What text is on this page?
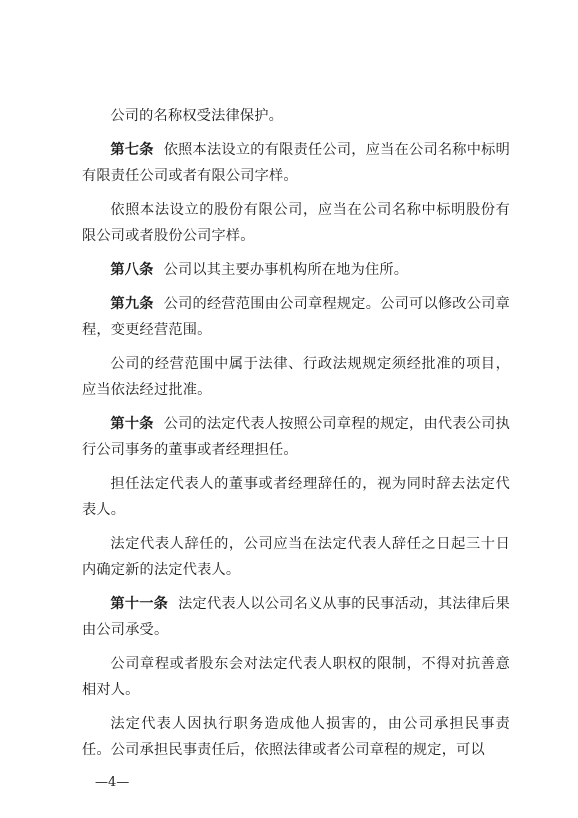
公司的名称权受法律保护。

第七条 依照本法设立的有限责任公司，应当在公司名称中标明有限责任公司或者有限公司字样。

依照本法设立的股份有限公司，应当在公司名称中标明股份有限公司或者股份公司字样。

第八条 公司以其主要办事机构所在地为住所。

第九条 公司的经营范围由公司章程规定。公司可以修改公司章程，变更经营范围。

公司的经营范围中属于法律、行政法规规定须经批准的项目，应当依法经过批准。

第十条 公司的法定代表人按照公司章程的规定，由代表公司执行公司事务的董事或者经理担任。

担任法定代表人的董事或者经理辞任的，视为同时辞去法定代表人。

法定代表人辞任的，公司应当在法定代表人辞任之日起三十日内确定新的法定代表人。

第十一条 法定代表人以公司名义从事的民事活动，其法律后果由公司承受。

公司章程或者股东会对法定代表人职权的限制，不得对抗善意相对人。

法定代表人因执行职务造成他人损害的，由公司承担民事责任。公司承担民事责任后，依照法律或者公司章程的规定，可以

—4—
